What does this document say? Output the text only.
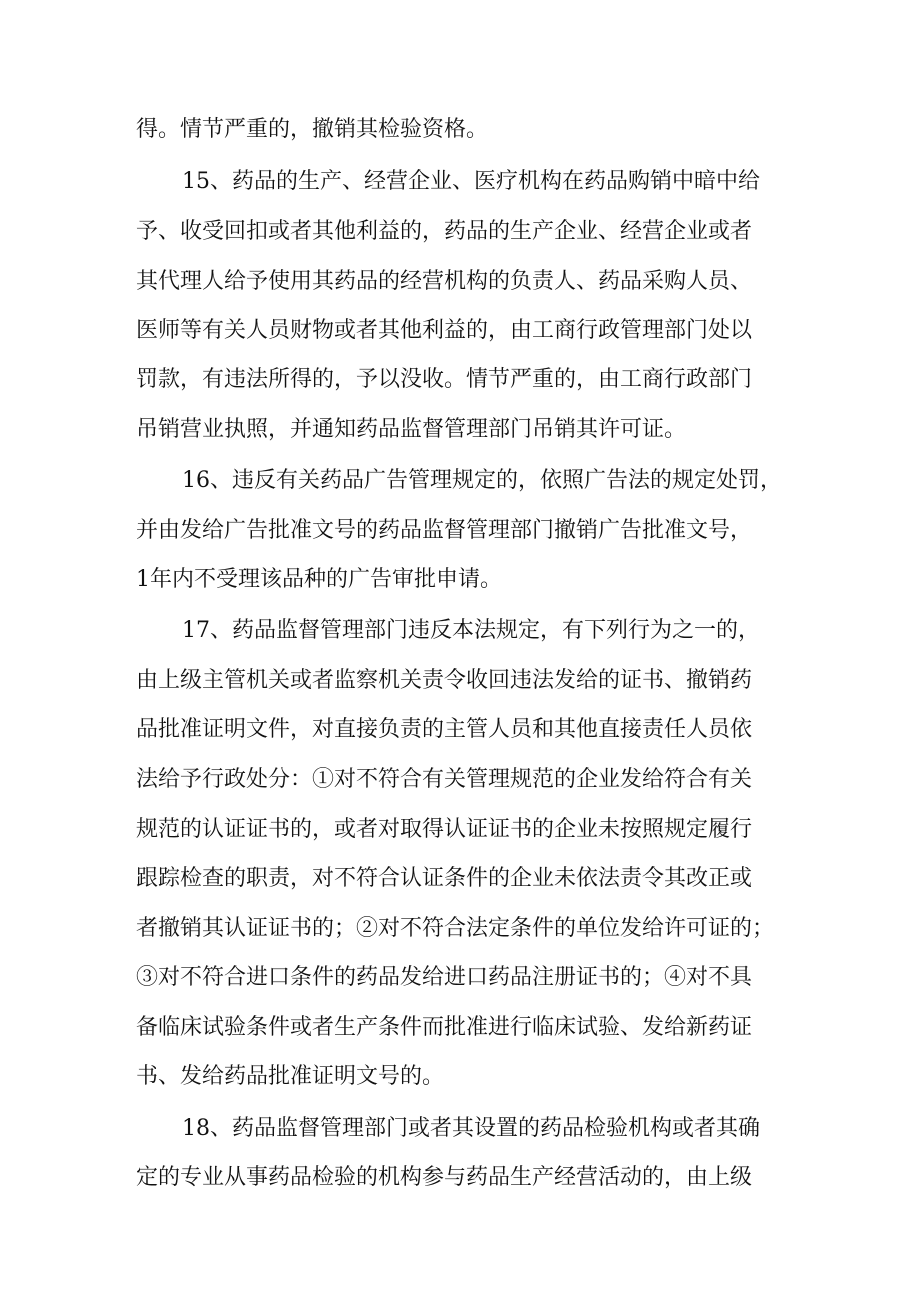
得。情节严重的，撤销其检验资格。
15、药品的生产、经营企业、医疗机构在药品购销中暗中给
予、收受回扣或者其他利益的，药品的生产企业、经营企业或者
其代理人给予使用其药品的经营机构的负责人、药品采购人员、
医师等有关人员财物或者其他利益的，由工商行政管理部门处以
罚款，有违法所得的，予以没收。情节严重的，由工商行政部门
吊销营业执照，并通知药品监督管理部门吊销其许可证。
16、违反有关药品广告管理规定的，依照广告法的规定处罚，
并由发给广告批准文号的药品监督管理部门撤销广告批准文号，
1年内不受理该品种的广告审批申请。
17、药品监督管理部门违反本法规定，有下列行为之一的，
由上级主管机关或者监察机关责令收回违法发给的证书、撤销药
品批准证明文件，对直接负责的主管人员和其他直接责任人员依
法给予行政处分：①对不符合有关管理规范的企业发给符合有关
规范的认证证书的，或者对取得认证证书的企业未按照规定履行
跟踪检查的职责，对不符合认证条件的企业未依法责令其改正或
者撤销其认证证书的；②对不符合法定条件的单位发给许可证的；
③对不符合进口条件的药品发给进口药品注册证书的；④对不具
备临床试验条件或者生产条件而批准进行临床试验、发给新药证
书、发给药品批准证明文号的。
18、药品监督管理部门或者其设置的药品检验机构或者其确
定的专业从事药品检验的机构参与药品生产经营活动的，由上级
